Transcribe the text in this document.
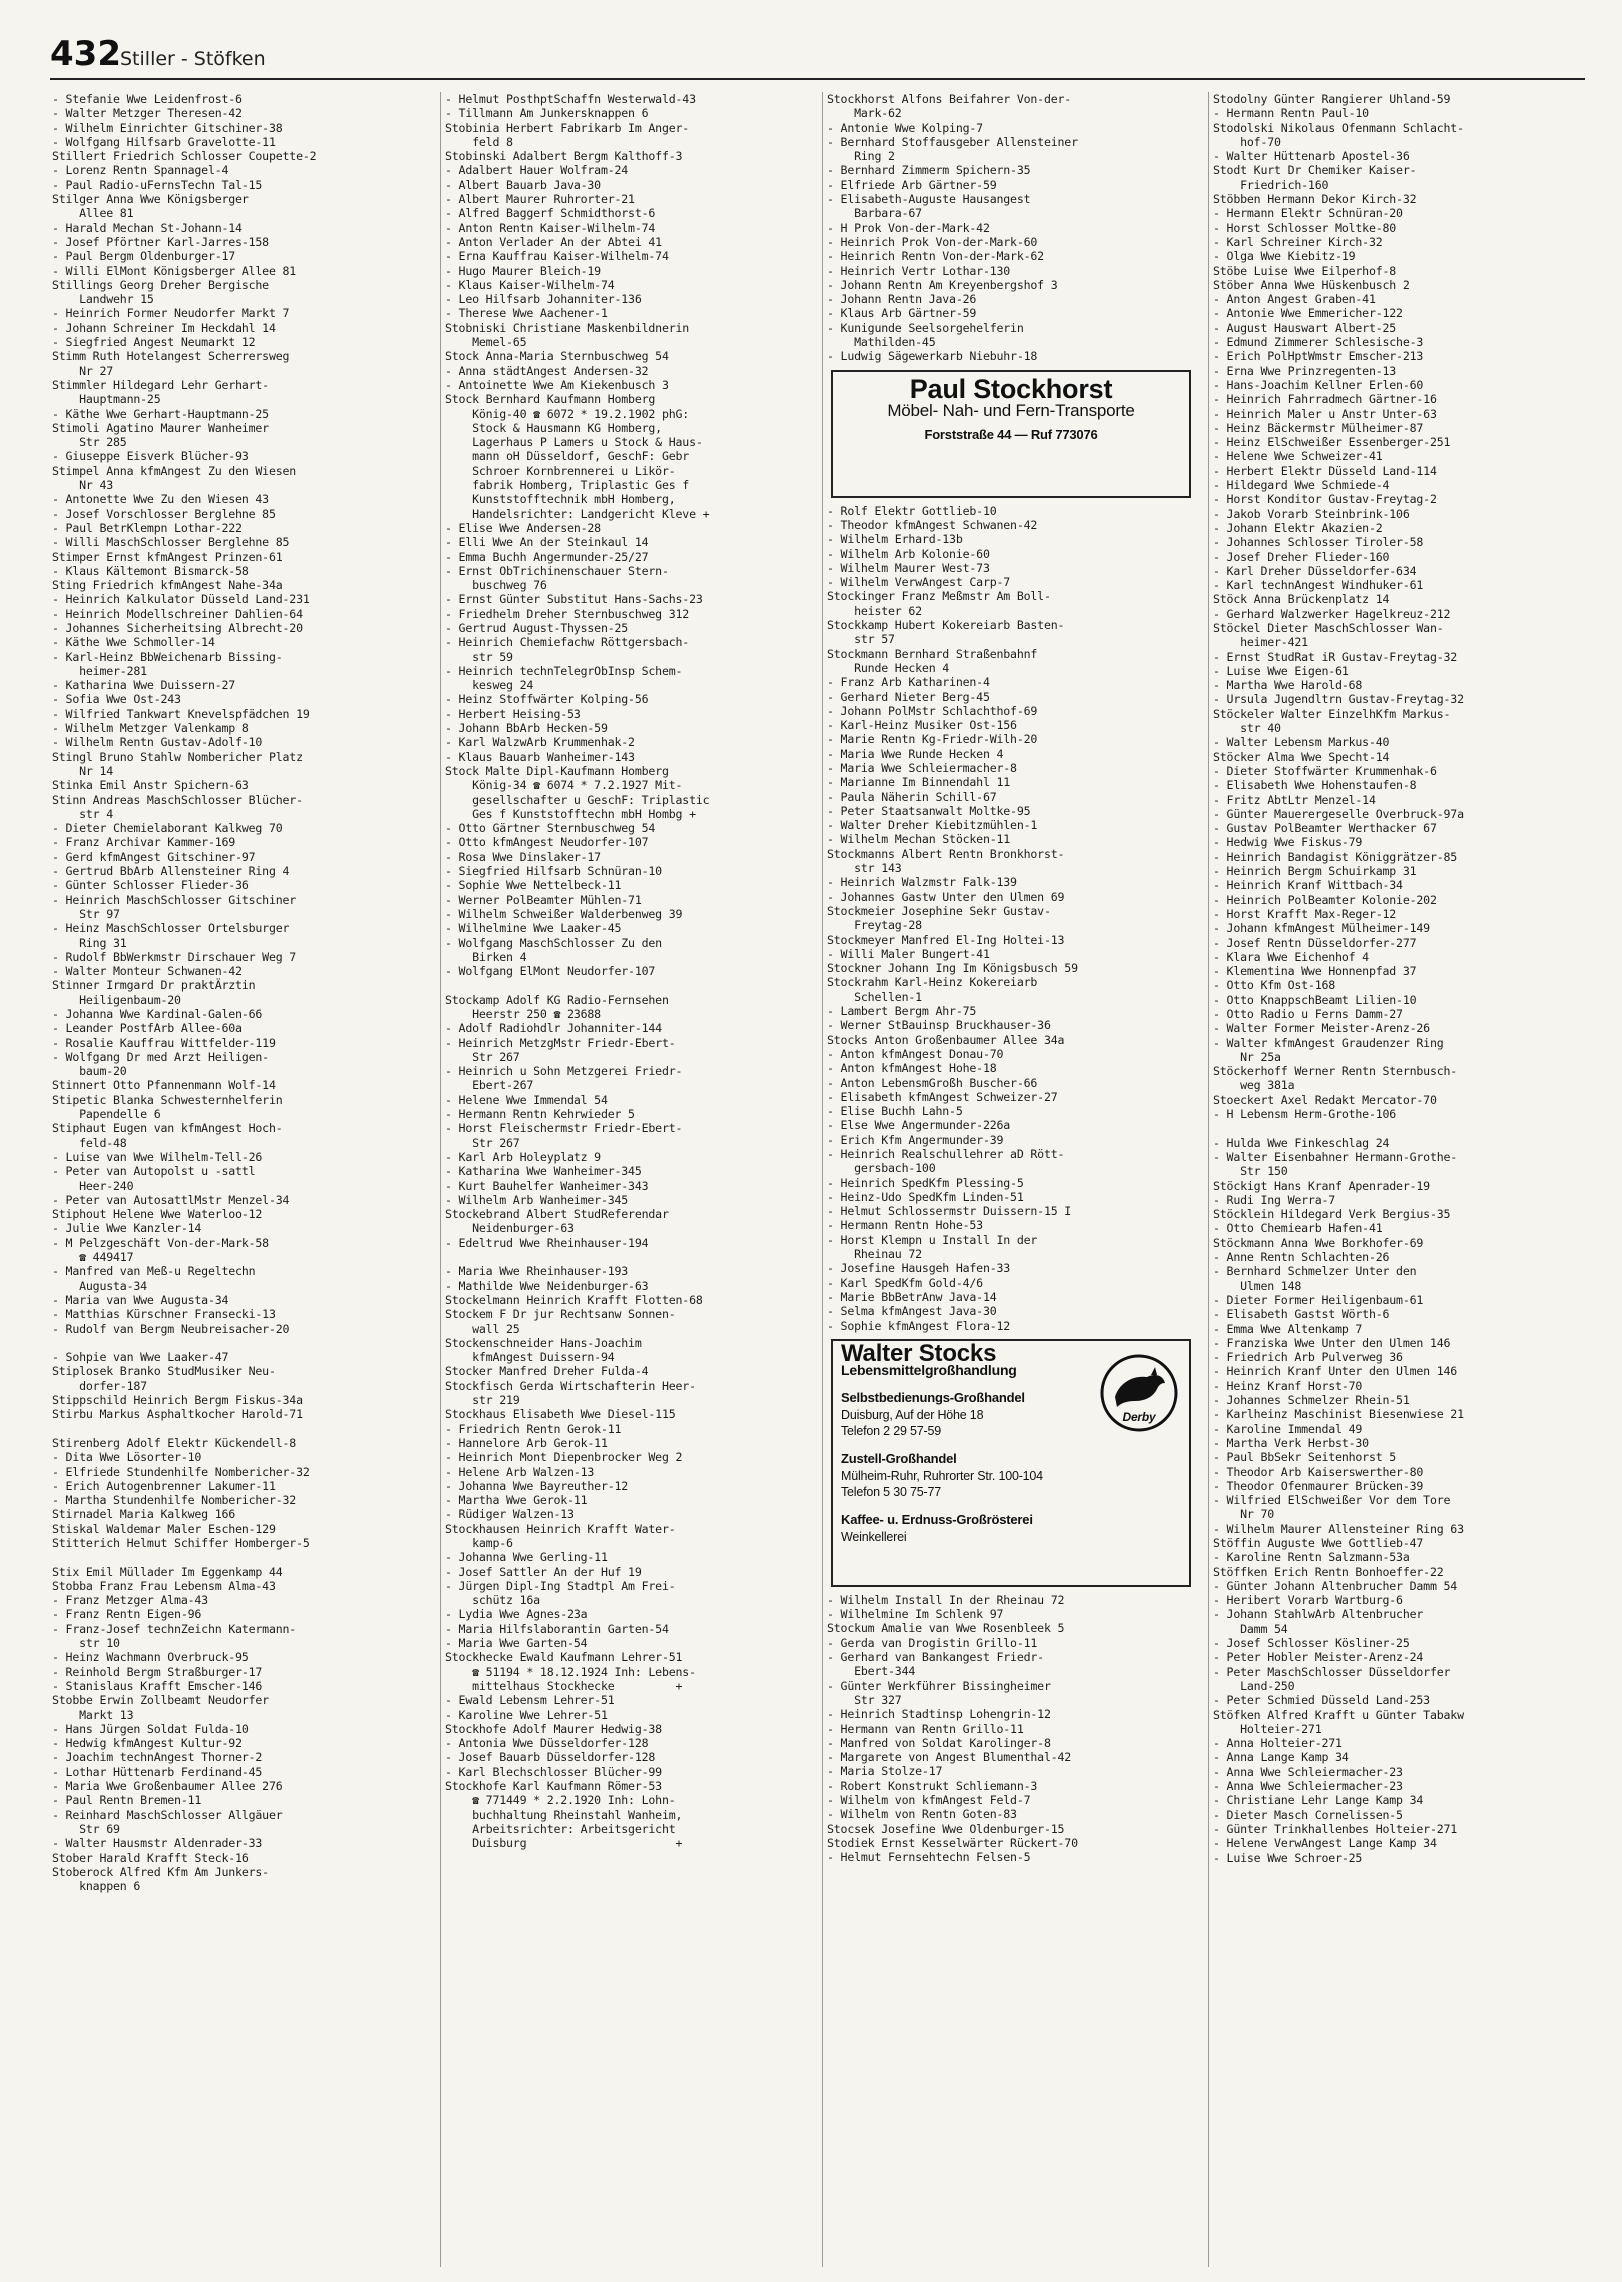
432 Stiller - Stöfken
- Stefanie Wwe Leidenfrost-6
- Walter Metzger Theresen-42
- Wilhelm Einrichter Gitschiner-38
- Wolfgang Hilfsarb Gravelotte-11
Stillert Friedrich Schlosser Coupette-2
- Lorenz Rentn Spannagel-4
- Paul Radio-uFernsTechn Tal-15
Stilger Anna Wwe Königsberger
Allee 81
- Harald Mechan St-Johann-14
- Josef Pförtner Karl-Jarres-158
- Paul Bergm Oldenburger-17
- Willi ElMont Königsberger Allee 81
Stillings Georg Dreher Bergische
Landwehr 15
- Heinrich Former Neudorfer Markt 7
- Johann Schreiner Im Heckdahl 14
- Siegfried Angest Neumarkt 12
Stimm Ruth Hotelangest Scherrersweg
Nr 27
Stimmler Hildegard Lehr Gerhart-
Hauptmann-25
- Käthe Wwe Gerhart-Hauptmann-25
Stimoli Agatino Maurer Wanheimer
Str 285
- Giuseppe Eisverk Blücher-93
Stimpel Anna kfmAngest Zu den Wiesen
Nr 43
- Antonette Wwe Zu den Wiesen 43
- Josef Vorschlosser Berglehne 85
- Paul BetrKlempn Lothar-222
- Willi MaschSchlosser Berglehne 85
Stimper Ernst kfmAngest Prinzen-61
- Klaus Kältemont Bismarck-58
Sting Friedrich kfmAngest Nahe-34a
- Heinrich Kalkulator Düsseld Land-231
- Heinrich Modellschreiner Dahlien-64
- Johannes Sicherheitsing Albrecht-20
- Käthe Wwe Schmoller-14
- Karl-Heinz BbWeichenarb Bissing-
heimer-281
- Katharina Wwe Duissern-27
- Sofia Wwe Ost-243
- Wilfried Tankwart Knevelspfädchen 19
- Wilhelm Metzger Valenkamp 8
- Wilhelm Rentn Gustav-Adolf-10
Stingl Bruno Stahlw Nombericher Platz
Nr 14
Stinka Emil Anstr Spichern-63
Stinn Andreas MaschSchlosser Blücher-
str 4
- Dieter Chemielaborant Kalkweg 70
- Franz Archivar Kammer-169
- Gerd kfmAngest Gitschiner-97
- Gertrud BbArb Allensteiner Ring 4
- Günter Schlosser Flieder-36
- Heinrich MaschSchlosser Gitschiner
Str 97
- Heinz MaschSchlosser Ortelsburger
Ring 31
- Rudolf BbWerkmstr Dirschauer Weg 7
- Walter Monteur Schwanen-42
Stinner Irmgard Dr praktÄrztin
Heiligenbaum-20
- Johanna Wwe Kardinal-Galen-66
- Leander PostfArb Allee-60a
- Rosalie Kauffrau Wittfelder-119
- Wolfgang Dr med Arzt Heiligen-
baum-20
Stinnert Otto Pfannenmann Wolf-14
Stipetic Blanka Schwesternhelferin
Papendelle 6
Stiphaut Eugen van kfmAngest Hoch-
feld-48
- Luise van Wwe Wilhelm-Tell-26
- Peter van Autopolst u -sattl
Heer-240
- Peter van AutosattlMstr Menzel-34
Stiphout Helene Wwe Waterloo-12
- Julie Wwe Kanzler-14
- M Pelzgeschäft Von-der-Mark-58
☎ 449417
- Manfred van Meß-u Regeltechn
Augusta-34
- Maria van Wwe Augusta-34
- Matthias Kürschner Fransecki-13
- Rudolf van Bergm Neubreisacher-20

- Sohpie van Wwe Laaker-47
Stiplosek Branko StudMusiker Neu-
dorfer-187
Stippschild Heinrich Bergm Fiskus-34a
Stirbu Markus Asphaltkocher Harold-71

Stirenberg Adolf Elektr Kückendell-8
- Dita Wwe Lösorter-10
- Elfriede Stundenhilfe Nombericher-32
- Erich Autogenbrenner Lakumer-11
- Martha Stundenhilfe Nombericher-32
Stirnadel Maria Kalkweg 166
Stiskal Waldemar Maler Eschen-129
Stitterich Helmut Schiffer Homberger-5

Stix Emil Müllader Im Eggenkamp 44
Stobba Franz Frau Lebensm Alma-43
- Franz Metzger Alma-43
- Franz Rentn Eigen-96
- Franz-Josef technZeichn Katermann-
str 10
- Heinz Wachmann Overbruck-95
- Reinhold Bergm Straßburger-17
- Stanislaus Krafft Emscher-146
Stobbe Erwin Zollbeamt Neudorfer
Markt 13
- Hans Jürgen Soldat Fulda-10
- Hedwig kfmAngest Kultur-92
- Joachim technAngest Thorner-2
- Lothar Hüttenarb Ferdinand-45
- Maria Wwe Großenbaumer Allee 276
- Paul Rentn Bremen-11
- Reinhard MaschSchlosser Allgäuer
Str 69
- Walter Hausmstr Aldenrader-33
Stober Harald Krafft Steck-16
Stoberock Alfred Kfm Am Junkers-
knappen 6
- Helmut PosthptSchaffn Westerwald-43
- Tillmann Am Junkersknappen 6
Stobinia Herbert Fabrikarb Im Anger-
feld 8
Stobinski Adalbert Bergm Kalthoff-3
- Adalbert Hauer Wolfram-24
- Albert Bauarb Java-30
- Albert Maurer Ruhrorter-21
- Alfred Baggerf Schmidthorst-6
- Anton Rentn Kaiser-Wilhelm-74
- Anton Verlader An der Abtei 41
- Erna Kauffrau Kaiser-Wilhelm-74
- Hugo Maurer Bleich-19
- Klaus Kaiser-Wilhelm-74
- Leo Hilfsarb Johanniter-136
- Therese Wwe Aachener-1
Stobniski Christiane Maskenbildnerin
Memel-65
Stock Anna-Maria Sternbuschweg 54
- Anna städtAngest Andersen-32
- Antoinette Wwe Am Kiekenbusch 3
Stock Bernhard Kaufmann Homberg
König-40 ☎ 6072 * 19.2.1902 phG:
Stock & Hausmann KG Homberg,
Lagerhaus P Lamers u Stock & Haus-
mann oH Düsseldorf, GeschF: Gebr
Schroer Kornbrennerei u Likör-
fabrik Homberg, Triplastic Ges f
Kunststofftechnik mbH Homberg,
Handelsrichter: Landgericht Kleve +
- Elise Wwe Andersen-28
- Elli Wwe An der Steinkaul 14
- Emma Buchh Angermunder-25/27
- Ernst ObTrichinenschauer Stern-
buschweg 76
- Ernst Günter Substitut Hans-Sachs-23
- Friedhelm Dreher Sternbuschweg 312
- Gertrud August-Thyssen-25
- Heinrich Chemiefachw Röttgersbach-
str 59
- Heinrich technTelegrObInsp Schem-
kesweg 24
- Heinz Stoffwärter Kolping-56
- Herbert Heising-53
- Johann BbArb Hecken-59
- Karl WalzwArb Krummenhak-2
- Klaus Bauarb Wanheimer-143
Stock Malte Dipl-Kaufmann Homberg
König-34 ☎ 6074 * 7.2.1927 Mit-
gesellschafter u GeschF: Triplastic
Ges f Kunststofftechn mbH Hombg +
- Otto Gärtner Sternbuschweg 54
- Otto kfmAngest Neudorfer-107
- Rosa Wwe Dinslaker-17
- Siegfried Hilfsarb Schnüran-10
- Sophie Wwe Nettelbeck-11
- Werner PolBeamter Mühlen-71
- Wilhelm Schweißer Walderbenweg 39
- Wilhelmine Wwe Laaker-45
- Wolfgang MaschSchlosser Zu den
Birken 4
- Wolfgang ElMont Neudorfer-107

Stockamp Adolf KG Radio-Fernsehen
Heerstr 250 ☎ 23688
- Adolf Radiohdlr Johanniter-144
- Heinrich MetzgMstr Friedr-Ebert-
Str 267
- Heinrich u Sohn Metzgerei Friedr-
Ebert-267
- Helene Wwe Immendal 54
- Hermann Rentn Kehrwieder 5
- Horst Fleischermstr Friedr-Ebert-
Str 267
- Karl Arb Holeyplatz 9
- Katharina Wwe Wanheimer-345
- Kurt Bauhelfer Wanheimer-343
- Wilhelm Arb Wanheimer-345
Stockebrand Albert StudReferendar
Neidenburger-63
- Edeltrud Wwe Rheinhauser-194

- Maria Wwe Rheinhauser-193
- Mathilde Wwe Neidenburger-63
Stockelmann Heinrich Krafft Flotten-68
Stockem F Dr jur Rechtsanw Sonnen-
wall 25
Stockenschneider Hans-Joachim
kfmAngest Duissern-94
Stocker Manfred Dreher Fulda-4
Stockfisch Gerda Wirtschafterin Heer-
str 219
Stockhaus Elisabeth Wwe Diesel-115
- Friedrich Rentn Gerok-11
- Hannelore Arb Gerok-11
- Heinrich Mont Diepenbrocker Weg 2
- Helene Arb Walzen-13
- Johanna Wwe Bayreuther-12
- Martha Wwe Gerok-11
- Rüdiger Walzen-13
Stockhausen Heinrich Krafft Water-
kamp-6
- Johanna Wwe Gerling-11
- Josef Sattler An der Huf 19
- Jürgen Dipl-Ing Stadtpl Am Frei-
schütz 16a
- Lydia Wwe Agnes-23a
- Maria Hilfslaborantin Garten-54
- Maria Wwe Garten-54
Stockhecke Ewald Kaufmann Lehrer-51
☎ 51194 * 18.12.1924 Inh: Lebens-
mittelhaus Stockhecke         +
- Ewald Lebensm Lehrer-51
- Karoline Wwe Lehrer-51
Stockhofe Adolf Maurer Hedwig-38
- Antonia Wwe Düsseldorfer-128
- Josef Bauarb Düsseldorfer-128
- Karl Blechschlosser Blücher-99
Stockhofe Karl Kaufmann Römer-53
☎ 771449 * 2.2.1920 Inh: Lohn-
buchhaltung Rheinstahl Wanheim,
Arbeitsrichter: Arbeitsgericht
Duisburg                      +
Stockhorst Alfons Beifahrer Von-der-
Mark-62
- Antonie Wwe Kolping-7
- Bernhard Stoffausgeber Allensteiner
Ring 2
- Bernhard Zimmerm Spichern-35
- Elfriede Arb Gärtner-59
- Elisabeth-Auguste Hausangest
Barbara-67
- H Prok Von-der-Mark-42
- Heinrich Prok Von-der-Mark-60
- Heinrich Rentn Von-der-Mark-62
- Heinrich Vertr Lothar-130
- Johann Rentn Am Kreyenbergshof 3
- Johann Rentn Java-26
- Klaus Arb Gärtner-59
- Kunigunde Seelsorgehelferin
Mathilden-45
- Ludwig Sägewerkarb Niebuhr-18
Paul Stockhorst
Möbel- Nah- und Fern-Transporte
Forststraße 44 — Ruf 773076
- Rolf Elektr Gottlieb-10
- Theodor kfmAngest Schwanen-42
- Wilhelm Erhard-13b
- Wilhelm Arb Kolonie-60
- Wilhelm Maurer West-73
- Wilhelm VerwAngest Carp-7
Stockinger Franz Meßmstr Am Boll-
heister 62
Stockkamp Hubert Kokereiarb Basten-
str 57
Stockmann Bernhard Straßenbahnf
Runde Hecken 4
- Franz Arb Katharinen-4
- Gerhard Nieter Berg-45
- Johann PolMstr Schlachthof-69
- Karl-Heinz Musiker Ost-156
- Marie Rentn Kg-Friedr-Wilh-20
- Maria Wwe Runde Hecken 4
- Maria Wwe Schleiermacher-8
- Marianne Im Binnendahl 11
- Paula Näherin Schill-67
- Peter Staatsanwalt Moltke-95
- Walter Dreher Kiebitzmühlen-1
- Wilhelm Mechan Stöcken-11
Stockmanns Albert Rentn Bronkhorst-
str 143
- Heinrich Walzmstr Falk-139
- Johannes Gastw Unter den Ulmen 69
Stockmeier Josephine Sekr Gustav-
Freytag-28
Stockmeyer Manfred El-Ing Holtei-13
- Willi Maler Bungert-41
Stockner Johann Ing Im Königsbusch 59
Stockrahm Karl-Heinz Kokereiarb
Schellen-1
- Lambert Bergm Ahr-75
- Werner StBauinsp Bruckhauser-36
Stocks Anton Großenbaumer Allee 34a
- Anton kfmAngest Donau-70
- Anton kfmAngest Hohe-18
- Anton LebensmGroßh Buscher-66
- Elisabeth kfmAngest Schweizer-27
- Elise Buchh Lahn-5
- Else Wwe Angermunder-226a
- Erich Kfm Angermunder-39
- Heinrich Realschullehrer aD Rött-
gersbach-100
- Heinrich SpedKfm Plessing-5
- Heinz-Udo SpedKfm Linden-51
- Helmut Schlossermstr Duissern-15 I
- Hermann Rentn Hohe-53
- Horst Klempn u Install In der
Rheinau 72
- Josefine Hausgeh Hafen-33
- Karl SpedKfm Gold-4/6
- Marie BbBetrAnw Java-14
- Selma kfmAngest Java-30
- Sophie kfmAngest Flora-12
Walter Stocks
Lebensmittelgroßhandlung
Derby
Selbstbedienungs-Großhandel
Duisburg, Auf der Höhe 18
Telefon 2 29 57-59
Zustell-Großhandel
Mülheim-Ruhr, Ruhrorter Str. 100-104
Telefon 5 30 75-77
Kaffee- u. Erdnuss-Großrösterei
Weinkellerei
- Wilhelm Install In der Rheinau 72
- Wilhelmine Im Schlenk 97
Stockum Amalie van Wwe Rosenbleek 5
- Gerda van Drogistin Grillo-11
- Gerhard van Bankangest Friedr-
Ebert-344
- Günter Werkführer Bissingheimer
Str 327
- Heinrich Stadtinsp Lohengrin-12
- Hermann van Rentn Grillo-11
- Manfred von Soldat Karolinger-8
- Margarete von Angest Blumenthal-42
- Maria Stolze-17
- Robert Konstrukt Schliemann-3
- Wilhelm von kfmAngest Feld-7
- Wilhelm von Rentn Goten-83
Stocsek Josefine Wwe Oldenburger-15
Stodiek Ernst Kesselwärter Rückert-70
- Helmut Fernsehtechn Felsen-5
Stodolny Günter Rangierer Uhland-59
- Hermann Rentn Paul-10
Stodolski Nikolaus Ofenmann Schlacht-
hof-70
- Walter Hüttenarb Apostel-36
Stodt Kurt Dr Chemiker Kaiser-
Friedrich-160
Stöbben Hermann Dekor Kirch-32
- Hermann Elektr Schnüran-20
- Horst Schlosser Moltke-80
- Karl Schreiner Kirch-32
- Olga Wwe Kiebitz-19
Stöbe Luise Wwe Eilperhof-8
Stöber Anna Wwe Hüskenbusch 2
- Anton Angest Graben-41
- Antonie Wwe Emmericher-122
- August Hauswart Albert-25
- Edmund Zimmerer Schlesische-3
- Erich PolHptWmstr Emscher-213
- Erna Wwe Prinzregenten-13
- Hans-Joachim Kellner Erlen-60
- Heinrich Fahrradmech Gärtner-16
- Heinrich Maler u Anstr Unter-63
- Heinz Bäckermstr Mülheimer-87
- Heinz ElSchweißer Essenberger-251
- Helene Wwe Schweizer-41
- Herbert Elektr Düsseld Land-114
- Hildegard Wwe Schmiede-4
- Horst Konditor Gustav-Freytag-2
- Jakob Vorarb Steinbrink-106
- Johann Elektr Akazien-2
- Johannes Schlosser Tiroler-58
- Josef Dreher Flieder-160
- Karl Dreher Düsseldorfer-634
- Karl technAngest Windhuker-61
Stöck Anna Brückenplatz 14
- Gerhard Walzwerker Hagelkreuz-212
Stöckel Dieter MaschSchlosser Wan-
heimer-421
- Ernst StudRat iR Gustav-Freytag-32
- Luise Wwe Eigen-61
- Martha Wwe Harold-68
- Ursula Jugendltrn Gustav-Freytag-32
Stöckeler Walter EinzelhKfm Markus-
str 40
- Walter Lebensm Markus-40
Stöcker Alma Wwe Specht-14
- Dieter Stoffwärter Krummenhak-6
- Elisabeth Wwe Hohenstaufen-8
- Fritz AbtLtr Menzel-14
- Günter Mauerergeselle Overbruck-97a
- Gustav PolBeamter Werthacker 67
- Hedwig Wwe Fiskus-79
- Heinrich Bandagist Königgrätzer-85
- Heinrich Bergm Schuirkamp 31
- Heinrich Kranf Wittbach-34
- Heinrich PolBeamter Kolonie-202
- Horst Krafft Max-Reger-12
- Johann kfmAngest Mülheimer-149
- Josef Rentn Düsseldorfer-277
- Klara Wwe Eichenhof 4
- Klementina Wwe Honnenpfad 37
- Otto Kfm Ost-168
- Otto KnappschBeamt Lilien-10
- Otto Radio u Ferns Damm-27
- Walter Former Meister-Arenz-26
- Walter kfmAngest Graudenzer Ring
Nr 25a
Stöckerhoff Werner Rentn Sternbusch-
weg 381a
Stoeckert Axel Redakt Mercator-70
- H Lebensm Herm-Grothe-106

- Hulda Wwe Finkeschlag 24
- Walter Eisenbahner Hermann-Grothe-
Str 150
Stöckigt Hans Kranf Apenrader-19
- Rudi Ing Werra-7
Stöcklein Hildegard Verk Bergius-35
- Otto Chemiearb Hafen-41
Stöckmann Anna Wwe Borkhofer-69
- Anne Rentn Schlachten-26
- Bernhard Schmelzer Unter den
Ulmen 148
- Dieter Former Heiligenbaum-61
- Elisabeth Gastst Wörth-6
- Emma Wwe Altenkamp 7
- Franziska Wwe Unter den Ulmen 146
- Friedrich Arb Pulverweg 36
- Heinrich Kranf Unter den Ulmen 146
- Heinz Kranf Horst-70
- Johannes Schmelzer Rhein-51
- Karlheinz Maschinist Biesenwiese 21
- Karoline Immendal 49
- Martha Verk Herbst-30
- Paul BbSekr Seitenhorst 5
- Theodor Arb Kaiserswerther-80
- Theodor Ofenmaurer Brücken-39
- Wilfried ElSchweißer Vor dem Tore
Nr 70
- Wilhelm Maurer Allensteiner Ring 63
Stöffin Auguste Wwe Gottlieb-47
- Karoline Rentn Salzmann-53a
Stöffken Erich Rentn Bonhoeffer-22
- Günter Johann Altenbrucher Damm 54
- Heribert Vorarb Wartburg-6
- Johann StahlwArb Altenbrucher
Damm 54
- Josef Schlosser Kösliner-25
- Peter Hobler Meister-Arenz-24
- Peter MaschSchlosser Düsseldorfer
Land-250
- Peter Schmied Düsseld Land-253
Stöfken Alfred Krafft u Günter Tabakw
Holteier-271
- Anna Holteier-271
- Anna Lange Kamp 34
- Anna Wwe Schleiermacher-23
- Anna Wwe Schleiermacher-23
- Christiane Lehr Lange Kamp 34
- Dieter Masch Cornelissen-5
- Günter Trinkhallenbes Holteier-271
- Helene VerwAngest Lange Kamp 34
- Luise Wwe Schroer-25
